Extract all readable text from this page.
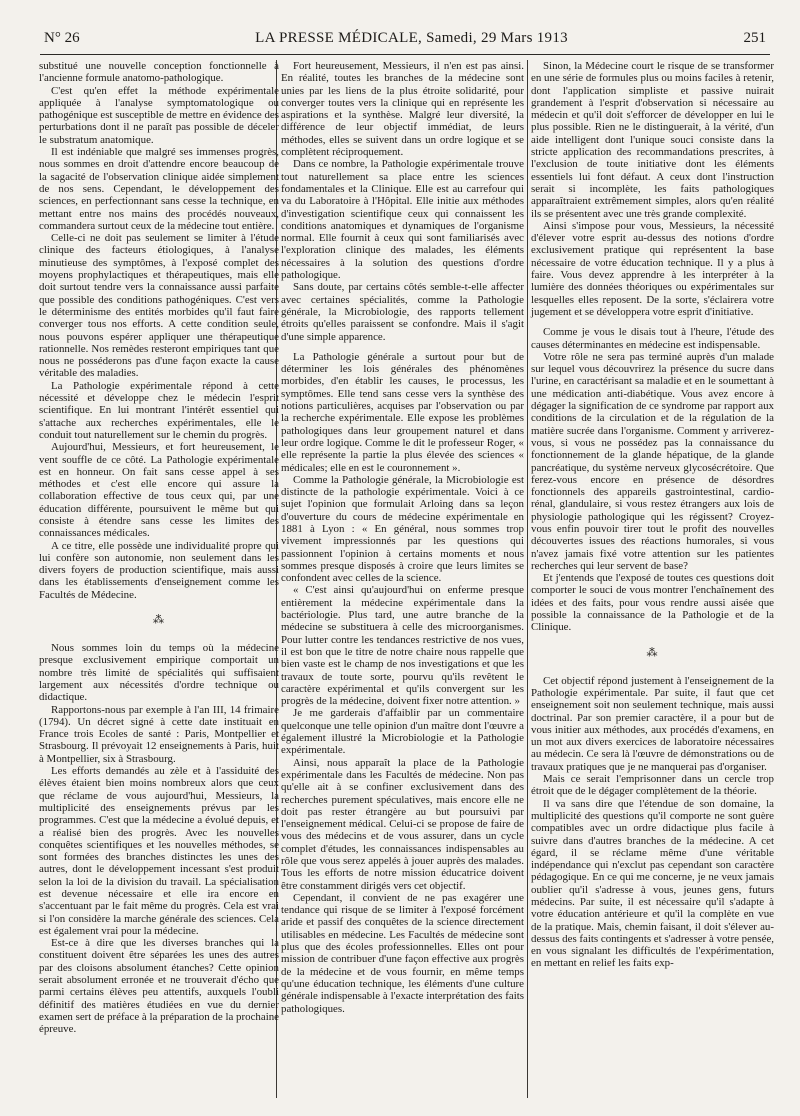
N° 26	LA PRESSE MÉDICALE, Samedi, 29 Mars 1913	251

substitué une nouvelle conception fonctionnelle à l'ancienne formule anatomo-pathologique.

C'est qu'en effet la méthode expérimentale appliquée à l'analyse symptomatologique ou pathogénique est susceptible de mettre en évidence des perturbations dont il ne paraît pas possible de déceler le substratum anatomique.

Il est indéniable que malgré ses immenses progrès, nous sommes en droit d'attendre encore beaucoup de la sagacité de l'observation clinique aidée simplement de nos sens. Cependant, le développement des sciences, en perfectionnant sans cesse la technique, en mettant entre nos mains des procédés nouveaux, commandera surtout ceux de la médecine tout entière.

Celle-ci ne doit pas seulement se limiter à l'étude clinique des facteurs étiologiques, à l'analyse minutieuse des symptômes, à l'exposé complet des moyens prophylactiques et thérapeutiques, mais elle doit surtout tendre vers la connaissance aussi parfaite que possible des conditions pathogéniques. C'est vers le déterminisme des entités morbides qu'il faut faire converger tous nos efforts. A cette condition seule, nous pouvons espérer appliquer une thérapeutique rationnelle. Nos remèdes resteront empiriques tant que nous ne posséderons pas d'une façon exacte la cause véritable des maladies.

La Pathologie expérimentale répond à cette nécessité et développe chez le médecin l'esprit scientifique. En lui montrant l'intérêt essentiel qui s'attache aux recherches expérimentales, elle le conduit tout naturellement sur le chemin du progrès.

Aujourd'hui, Messieurs, et fort heureusement, le vent souffle de ce côté. La Pathologie expérimentale est en honneur. On fait sans cesse appel à ses méthodes et c'est elle encore qui assure la collaboration effective de tous ceux qui, par une éducation différente, poursuivent le même but qui consiste à étendre sans cesse les limites des connaissances médicales.

A ce titre, elle possède une individualité propre qui lui confère son autonomie, non seulement dans les divers foyers de production scientifique, mais aussi dans les établissements d'enseignement comme les Facultés de Médecine.

⁂

Nous sommes loin du temps où la médecine presque exclusivement empirique comportait un nombre très limité de spécialités qui suffisaient largement aux nécessités d'ordre technique ou didactique.

Rapportons-nous par exemple à l'an III, 14 frimaire (1794). Un décret signé à cette date instituait en France trois Ecoles de santé : Paris, Montpellier et Strasbourg. Il prévoyait 12 enseignements à Paris, huit à Montpellier, six à Strasbourg.

Les efforts demandés au zèle et à l'assiduité des élèves étaient bien moins nombreux alors que ceux que réclame de vous aujourd'hui, Messieurs, la multiplicité des enseignements prévus par les programmes. C'est que la médecine a évolué depuis, et a réalisé bien des progrès. Avec les nouvelles conquêtes scientifiques et les nouvelles méthodes, se sont formées des branches distinctes les unes des autres, dont le développement incessant s'est produit selon la loi de la division du travail. La spécialisation est devenue nécessaire et elle ira encore en s'accentuant par le fait même du progrès. Cela est vrai si l'on considère la marche générale des sciences. Cela est également vrai pour la médecine.

Est-ce à dire que les diverses branches qui la constituent doivent être séparées les unes des autres par des cloisons absolument étanches? Cette opinion serait absolument erronée et ne trouverait d'écho que parmi certains élèves peu attentifs, auxquels l'oubli définitif des matières étudiées en vue du dernier examen sert de préface à la préparation de la prochaine épreuve.

Fort heureusement, Messieurs, il n'en est pas ainsi. En réalité, toutes les branches de la médecine sont unies par les liens de la plus étroite solidarité, pour converger toutes vers la clinique qui en représente les aspirations et la synthèse. Malgré leur diversité, la différence de leur objectif immédiat, de leurs méthodes, elles se suivent dans un ordre logique et se complètent réciproquement.

Dans ce nombre, la Pathologie expérimentale trouve tout naturellement sa place entre les sciences fondamentales et la Clinique. Elle est au carrefour qui va du Laboratoire à l'Hôpital. Elle initie aux méthodes d'investigation scientifique ceux qui connaissent les conditions anatomiques et dynamiques de l'organisme normal. Elle fournit à ceux qui sont familiarisés avec l'exploration clinique des malades, les éléments nécessaires à la solution des questions d'ordre pathologique.

Sans doute, par certains côtés semble-t-elle affecter avec certaines spécialités, comme la Pathologie générale, la Microbiologie, des rapports tellement étroits qu'elles paraissent se confondre. Mais il s'agit d'une simple apparence.

La Pathologie générale a surtout pour but de déterminer les lois générales des phénomènes morbides, d'en établir les causes, le processus, les symptômes. Elle tend sans cesse vers la synthèse des notions particulières, acquises par l'observation ou par la recherche expérimentale. Elle expose les problèmes pathologiques dans leur groupement naturel et dans leur ordre logique. Comme le dit le professeur Roger, « elle représente la partie la plus élevée des sciences « médicales; elle en est le couronnement ».

Comme la Pathologie générale, la Microbiologie est distincte de la pathologie expérimentale. Voici à ce sujet l'opinion que formulait Arloing dans sa leçon d'ouverture du cours de médecine expérimentale en 1881 à Lyon : « En général, nous sommes trop vivement impressionnés par les questions qui passionnent l'opinion à certains moments et nous sommes presque disposés à croire que leurs limites se confondent avec celles de la science.

« C'est ainsi qu'aujourd'hui on enferme presque entièrement la médecine expérimentale dans la bactériologie. Plus tard, une autre branche de la médecine se substituera à celle des microorganismes. Pour lutter contre les tendances restrictive de nos vues, il est bon que le titre de notre chaire nous rappelle que bien vaste est le champ de nos investigations et que les travaux de toute sorte, pourvu qu'ils revêtent le caractère expérimental et qu'ils convergent sur les progrès de la médecine, doivent fixer notre attention. »

Je me garderais d'affaiblir par un commentaire quelconque une telle opinion d'un maître dont l'œuvre a également illustré la Microbiologie et la Pathologie expérimentale.

Ainsi, nous apparaît la place de la Pathologie expérimentale dans les Facultés de médecine. Non pas qu'elle ait à se confiner exclusivement dans des recherches purement spéculatives, mais encore elle ne doit pas rester étrangère au but poursuivi par l'enseignement médical. Celui-ci se propose de faire de vous des médecins et de vous assurer, dans un cycle complet d'études, les connaissances indispensables au rôle que vous serez appelés à jouer auprès des malades. Tous les efforts de notre mission éducatrice doivent être constamment dirigés vers cet objectif.

Cependant, il convient de ne pas exagérer une tendance qui risque de se limiter à l'exposé forcément aride et passif des conquêtes de la science directement utilisables en médecine. Les Facultés de médecine sont plus que des écoles professionnelles. Elles ont pour mission de contribuer d'une façon effective aux progrès de la médecine et de vous fournir, en même temps qu'une éducation technique, les éléments d'une culture générale indispensable à l'exacte interprétation des faits pathologiques.

Sinon, la Médecine court le risque de se transformer en une série de formules plus ou moins faciles à retenir, dont l'application simpliste et passive nuirait grandement à l'esprit d'observation si nécessaire au médecin et qu'il doit s'efforcer de développer en lui le plus possible. Rien ne le distinguerait, à la vérité, d'un aide intelligent dont l'unique souci consiste dans la stricte application des recommandations prescrites, à l'exclusion de toute initiative dont les éléments essentiels lui font défaut. A ceux dont l'instruction serait si incomplète, les faits pathologiques apparaîtraient extrêmement simples, alors qu'en réalité ils se présentent avec une très grande complexité.

Ainsi s'impose pour vous, Messieurs, la nécessité d'élever votre esprit au-dessus des notions d'ordre exclusivement pratique qui représentent la base nécessaire de votre éducation technique. Il y a plus à faire. Vous devez apprendre à les interpréter à la lumière des données théoriques ou expérimentales sur lesquelles elles reposent. De la sorte, s'éclairera votre jugement et se développera votre esprit d'initiative.

Comme je vous le disais tout à l'heure, l'étude des causes déterminantes en médecine est indispensable.

Votre rôle ne sera pas terminé auprès d'un malade sur lequel vous découvrirez la présence du sucre dans l'urine, en caractérisant sa maladie et en le soumettant à une médication anti-diabétique. Vous avez encore à dégager la signification de ce syndrome par rapport aux conditions de la circulation et de la régulation de la matière sucrée dans l'organisme. Comment y arriverez-vous, si vous ne possédez pas la connaissance du fonctionnement de la glande hépatique, de la glande pancréatique, du système nerveux glycosécrétoire. Que ferez-vous encore en présence de désordres fonctionnels des appareils gastrointestinal, cardio-rénal, glandulaire, si vous restez étrangers aux lois de physiologie pathologique qui les régissent? Croyez-vous enfin pouvoir tirer tout le profit des nouvelles découvertes issues des réactions humorales, si vous n'avez jamais fixé votre attention sur les patientes recherches qui leur servent de base?

Et j'entends que l'exposé de toutes ces questions doit comporter le souci de vous montrer l'enchaînement des idées et des faits, pour vous rendre aussi aisée que possible la connaissance de la Pathologie et de la Clinique.

⁂

Cet objectif répond justement à l'enseignement de la Pathologie expérimentale. Par suite, il faut que cet enseignement soit non seulement technique, mais aussi doctrinal. Par son premier caractère, il a pour but de vous initier aux méthodes, aux procédés d'examens, en un mot aux divers exercices de laboratoire nécessaires au médecin. Ce sera là l'œuvre de démonstrations ou de travaux pratiques que je ne manquerai pas d'organiser.

Mais ce serait l'emprisonner dans un cercle trop étroit que de le dégager complètement de la théorie.

Il va sans dire que l'étendue de son domaine, la multiplicité des questions qu'il comporte ne sont guère compatibles avec un ordre didactique plus facile à suivre dans d'autres branches de la médecine. A cet égard, il se réclame même d'une véritable indépendance qui n'exclut pas cependant son caractère pédagogique. En ce qui me concerne, je ne veux jamais oublier qu'il s'adresse à vous, jeunes gens, futurs médecins. Par suite, il est nécessaire qu'il s'adapte à votre éducation antérieure et qu'il la complète en vue de la pratique. Mais, chemin faisant, il doit s'élever au-dessus des faits contingents et s'adresser à votre pensée, en vous signalant les difficultés de l'expérimentation, en mettant en relief les faits exp-
